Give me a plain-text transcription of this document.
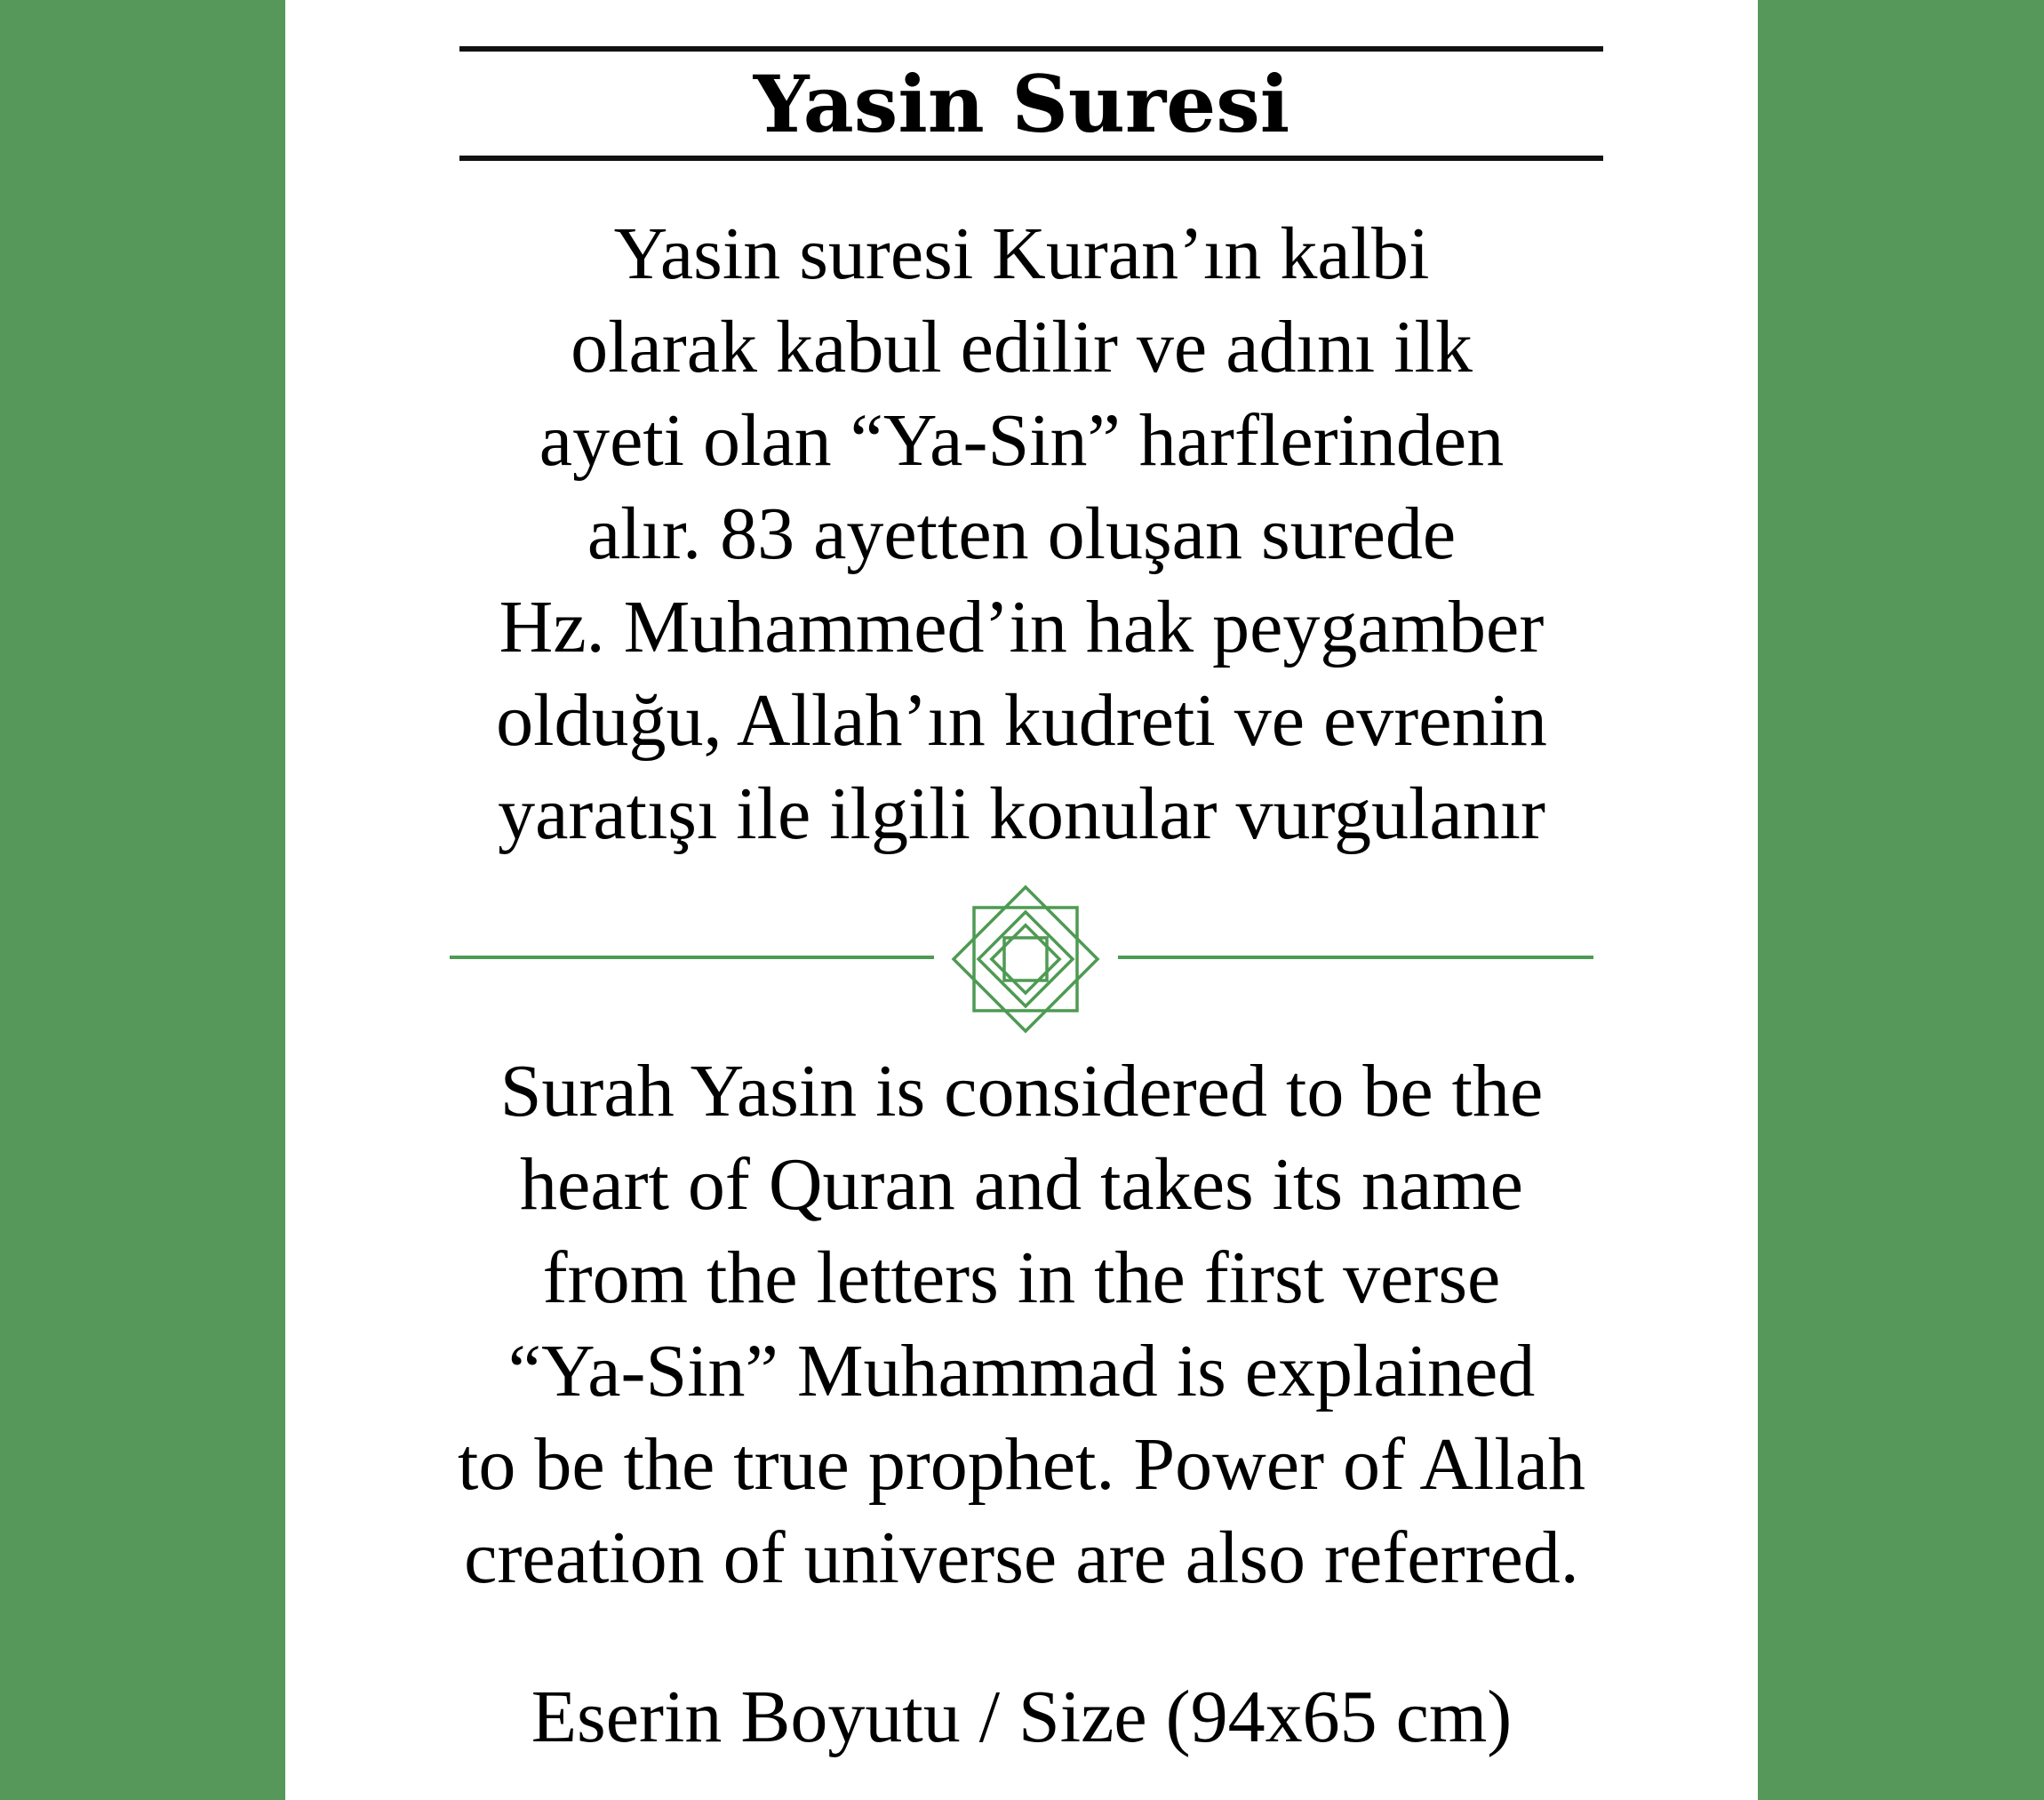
Yasin Suresi
Yasin suresi Kuran’ın kalbi
olarak kabul edilir ve adını ilk
ayeti olan “Ya-Sin” harflerinden
alır. 83 ayetten oluşan surede
Hz. Muhammed’in hak peygamber
olduğu, Allah’ın kudreti ve evrenin
yaratışı ile ilgili konular vurgulanır
Surah Yasin is considered to be the
heart of Quran and takes its name
from the letters in the first verse
“Ya-Sin” Muhammad is explained
to be the true prophet. Power of Allah
creation of universe are also referred.
Eserin Boyutu / Size (94x65 cm)
